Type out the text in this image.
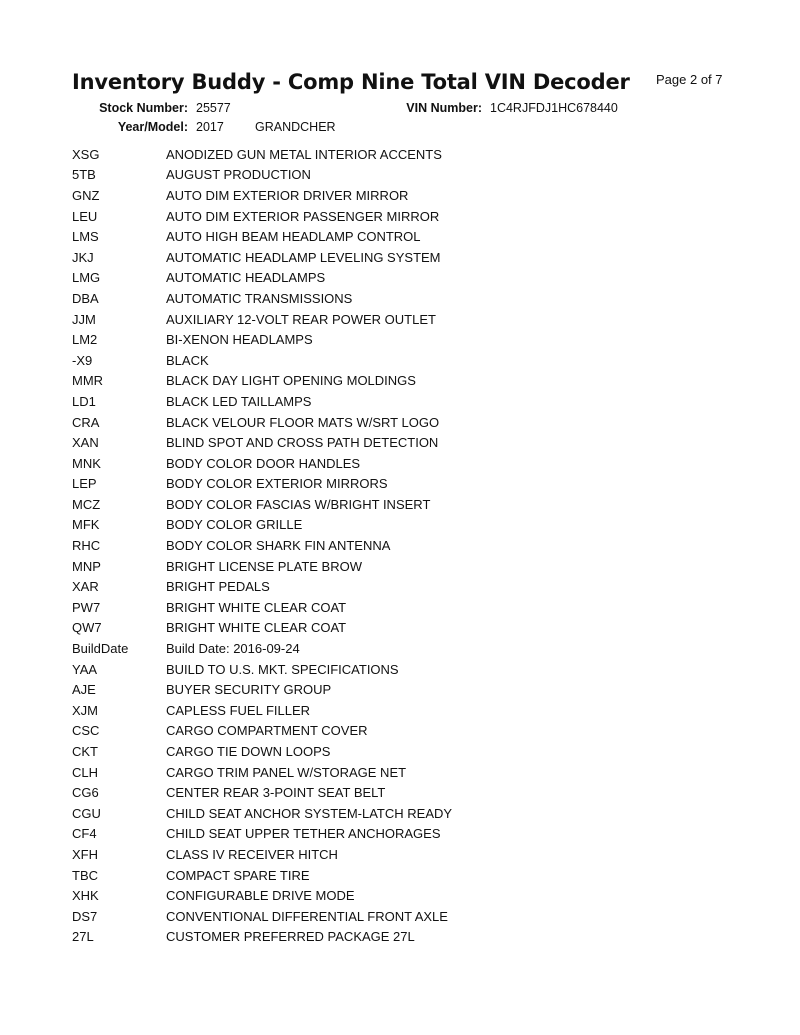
Inventory Buddy - Comp Nine Total VIN Decoder Page 2 of 7
Stock Number: 25577	VIN Number: 1C4RJFDJ1HC678440
Year/Model: 2017 GRANDCHER
XSG	ANODIZED GUN METAL INTERIOR ACCENTS
5TB	AUGUST PRODUCTION
GNZ	AUTO DIM EXTERIOR DRIVER MIRROR
LEU	AUTO DIM EXTERIOR PASSENGER MIRROR
LMS	AUTO HIGH BEAM HEADLAMP CONTROL
JKJ	AUTOMATIC HEADLAMP LEVELING SYSTEM
LMG	AUTOMATIC HEADLAMPS
DBA	AUTOMATIC TRANSMISSIONS
JJM	AUXILIARY 12-VOLT REAR POWER OUTLET
LM2	BI-XENON HEADLAMPS
-X9	BLACK
MMR	BLACK DAY LIGHT OPENING MOLDINGS
LD1	BLACK LED TAILLAMPS
CRA	BLACK VELOUR FLOOR MATS W/SRT LOGO
XAN	BLIND SPOT AND CROSS PATH DETECTION
MNK	BODY COLOR DOOR HANDLES
LEP	BODY COLOR EXTERIOR MIRRORS
MCZ	BODY COLOR FASCIAS W/BRIGHT INSERT
MFK	BODY COLOR GRILLE
RHC	BODY COLOR SHARK FIN ANTENNA
MNP	BRIGHT LICENSE PLATE BROW
XAR	BRIGHT PEDALS
PW7	BRIGHT WHITE CLEAR COAT
QW7	BRIGHT WHITE CLEAR COAT
BuildDate	Build Date: 2016-09-24
YAA	BUILD TO U.S. MKT. SPECIFICATIONS
AJE	BUYER SECURITY GROUP
XJM	CAPLESS FUEL FILLER
CSC	CARGO COMPARTMENT COVER
CKT	CARGO TIE DOWN LOOPS
CLH	CARGO TRIM PANEL W/STORAGE NET
CG6	CENTER REAR 3-POINT SEAT BELT
CGU	CHILD SEAT ANCHOR SYSTEM-LATCH READY
CF4	CHILD SEAT UPPER TETHER ANCHORAGES
XFH	CLASS IV RECEIVER HITCH
TBC	COMPACT SPARE TIRE
XHK	CONFIGURABLE DRIVE MODE
DS7	CONVENTIONAL DIFFERENTIAL FRONT AXLE
27L	CUSTOMER PREFERRED PACKAGE 27L
